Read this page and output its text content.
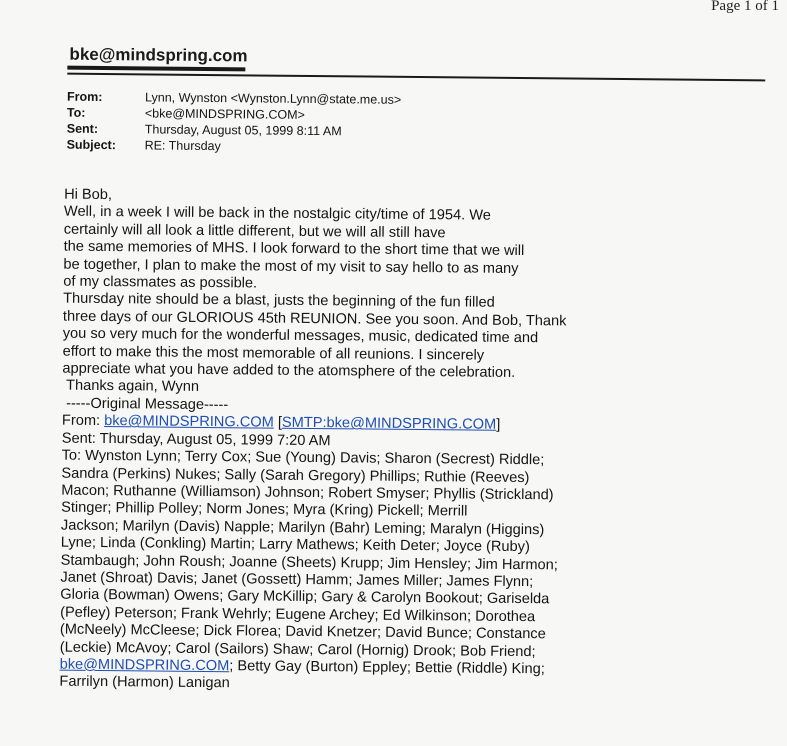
Page 1 of 1
bke@mindspring.com
From:	Lynn, Wynston <Wynston.Lynn@state.me.us>
To:	<bke@MINDSPRING.COM>
Sent:	Thursday, August 05, 1999 8:11 AM
Subject:	RE: Thursday

Hi Bob,

Well, in a week I will be back in the nostalgic city/time of 1954. We

certainly will all look a little different, but we will all still have

the same memories of MHS. I look forward to the short time that we will

be together, I plan to make the most of my visit to say hello to as many

of my classmates as possible.

Thursday nite should be a blast, justs the beginning of the fun filled

three days of our GLORIOUS 45th REUNION. See you soon. And Bob, Thank

you so very much for the wonderful messages, music, dedicated time and

effort to make this the most memorable of all reunions. I sincerely

appreciate what you have added to the atomsphere of the celebration.

Thanks again, Wynn

-----Original Message-----

From: bke@MINDSPRING.COM [SMTP:bke@MINDSPRING.COM]

Sent: Thursday, August 05, 1999 7:20 AM

To: Wynston Lynn; Terry Cox; Sue (Young) Davis; Sharon (Secrest) Riddle;

Sandra (Perkins) Nukes; Sally (Sarah Gregory) Phillips; Ruthie (Reeves)

Macon; Ruthanne (Williamson) Johnson; Robert Smyser; Phyllis (Strickland)

Stinger; Phillip Polley; Norm Jones; Myra (Kring) Pickell; Merrill

Jackson; Marilyn (Davis) Napple; Marilyn (Bahr) Leming; Maralyn (Higgins)

Lyne; Linda (Conkling) Martin; Larry Mathews; Keith Deter; Joyce (Ruby)

Stambaugh; John Roush; Joanne (Sheets) Krupp; Jim Hensley; Jim Harmon;

Janet (Shroat) Davis; Janet (Gossett) Hamm; James Miller; James Flynn;

Gloria (Bowman) Owens; Gary McKillip; Gary & Carolyn Bookout; Gariselda

(Pefley) Peterson; Frank Wehrly; Eugene Archey; Ed Wilkinson; Dorothea

(McNeely) McCleese; Dick Florea; David Knetzer; David Bunce; Constance

(Leckie) McAvoy; Carol (Sailors) Shaw; Carol (Hornig) Drook; Bob Friend;

bke@MINDSPRING.COM; Betty Gay (Burton) Eppley; Bettie (Riddle) King;

Farrilyn (Harmon) Lanigan
